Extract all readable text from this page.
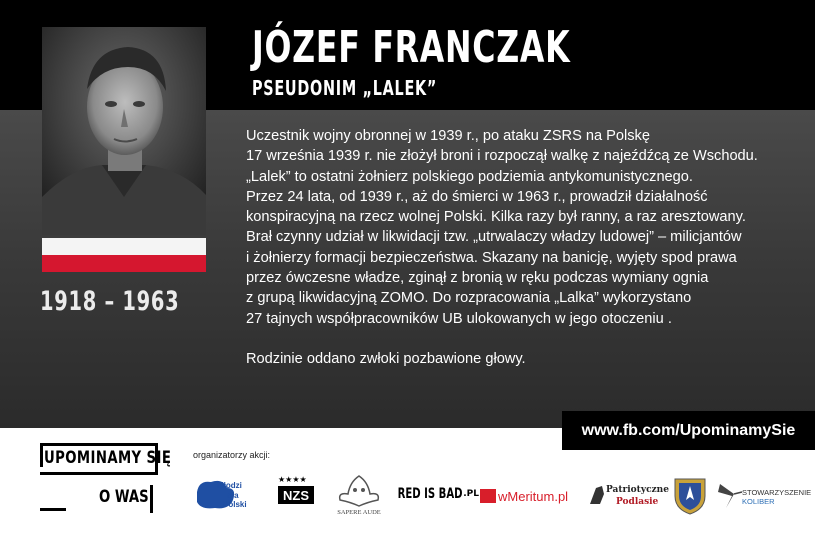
1918 – 1963
JÓZEF FRANCZAK
PSEUDONIM „LALEK”
Uczestnik wojny obronnej w 1939 r., po ataku ZSRS na Polskę
17 września 1939 r. nie złożył broni i rozpoczął walkę z najeźdźcą ze Wschodu.
„Lalek” to ostatni żołnierz polskiego podziemia antykomunistycznego.
Przez 24 lata, od 1939 r., aż do śmierci w 1963 r., prowadził działalność
konspiracyjną na rzecz wolnej Polski. Kilka razy był ranny, a raz aresztowany.
Brał czynny udział w likwidacji tzw. „utrwalaczy władzy ludowej” – milicjantów
i żołnierzy formacji bezpieczeństwa. Skazany na banicję, wyjęty spod prawa
przez ówczesne władze, zginął z bronią w ręku podczas wymiany ognia
z grupą likwidacyjną ZOMO. Do rozpracowania „Lalka” wykorzystano
27 tajnych współpracowników UB ulokowanych w jego otoczeniu .
Rodzinie oddano zwłoki pozbawione głowy.
www.fb.com/UpominamySie
UPOMINAMY SIĘ
O WAS
organizatorzy akcji:
Młodzi
dla
Polski
★★★★
NZS
SAPERE AUDE
RED IS BAD .PL wMeritum.pl	Patriotyczne
Podlasie
STOWARZYSZENIE
KOLIBER
